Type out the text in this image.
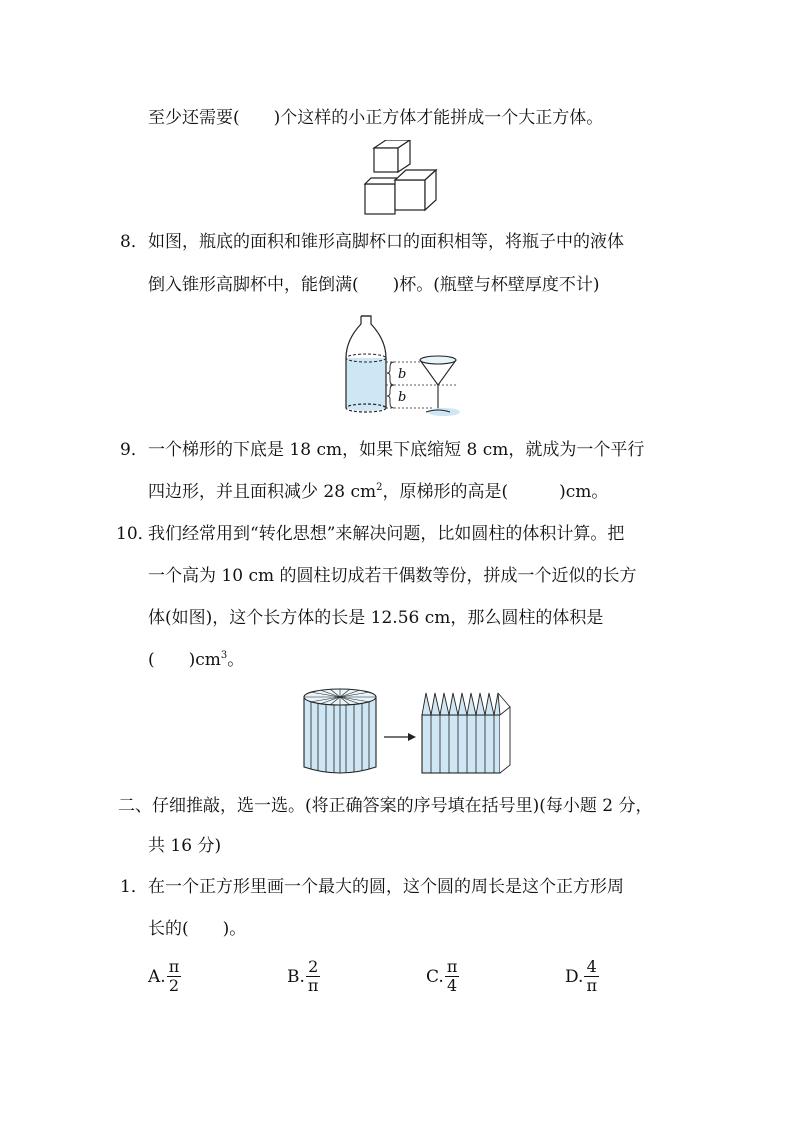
至少还需要(　　)个这样的小正方体才能拼成一个大正方体。
8． 如图，瓶底的面积和锥形高脚杯口的面积相等，将瓶子中的液体
倒入锥形高脚杯中，能倒满(　　)杯。(瓶壁与杯壁厚度不计)
b
b
9． 一个梯形的下底是 18 cm，如果下底缩短 8 cm，就成为一个平行
四边形，并且面积减少 28 $cm^2$，原梯形的高是(　　　)cm。
10．
我们经常用到“转化思想”来解决问题，比如圆柱的体积计算。把
一个高为 10 cm 的圆柱切成若干偶数等份，拼成一个近似的长方
体(如图)，这个长方体的长是 12.56 cm，那么圆柱的体积是
(　　)$cm^3$。
二、仔细推敲，选一选。(将正确答案的序号填在括号里)(每小题 2 分，
共 16 分)
1． 在一个正方形里画一个最大的圆，这个圆的周长是这个正方形周
长的(　　)。
A. $\frac{\pi}{2}$	B. $\frac{2}{\pi}$	C. $\frac{\pi}{4}$	D. $\frac{4}{\pi}$
